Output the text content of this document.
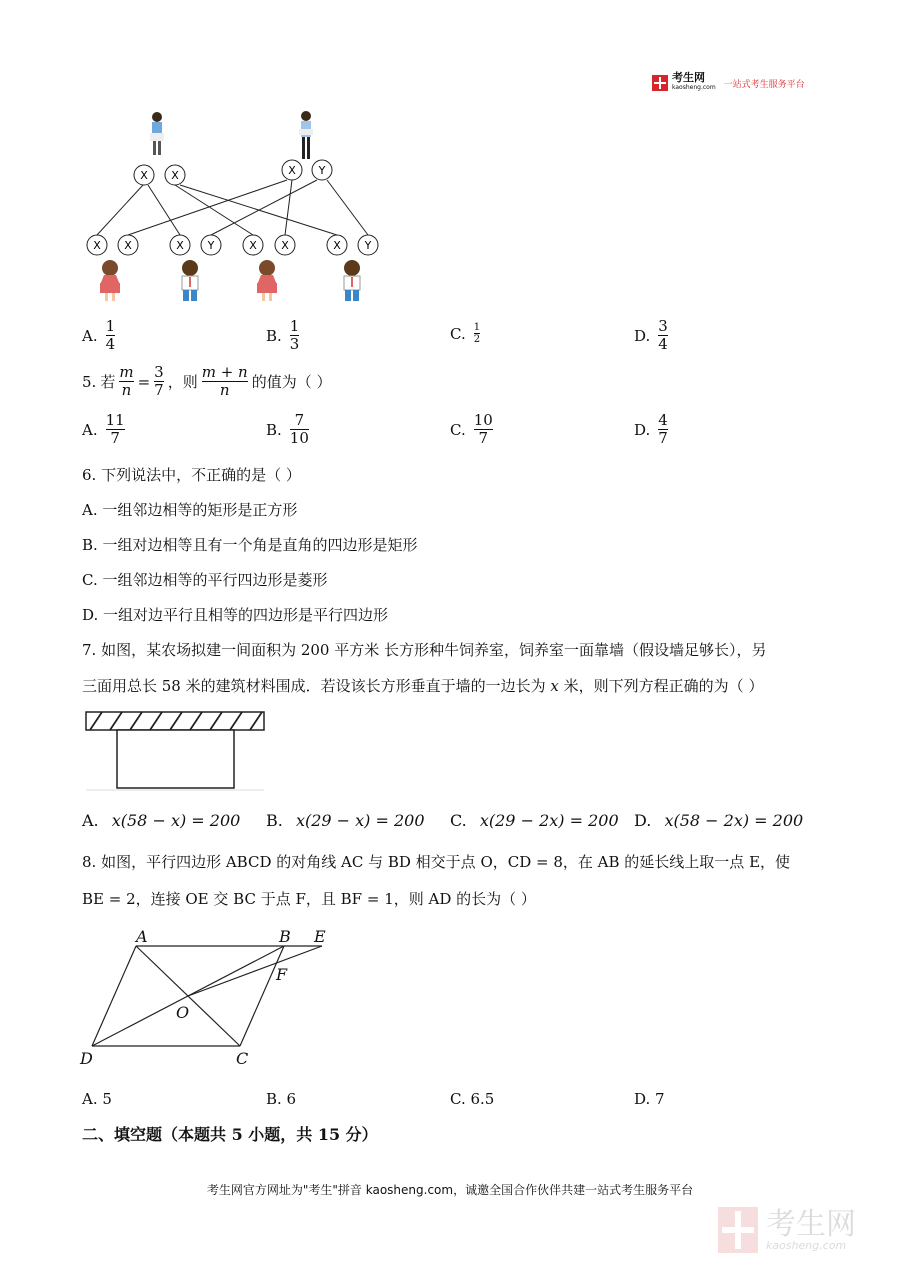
考生网
kaosheng.com 一站式考生服务平台
X X	X Y
X X	X Y	X X	X Y
A. $\frac{1}{4}$	B. $\frac{1}{3}$	C. $\frac{1}{2}$	D. $\frac{3}{4}$
5. 若 $\frac{m}{n} = \frac{3}{7}$ ，则 $\frac{m + n}{n}$ 的值为（ ）
A. $\frac{11}{7}$	B. $\frac{7}{10}$	C. $\frac{10}{7}$	D. $\frac{4}{7}$
6. 下列说法中，不正确的是（ ）
A. 一组邻边相等的矩形是正方形
B. 一组对边相等且有一个角是直角的四边形是矩形
C. 一组邻边相等的平行四边形是菱形
D. 一组对边平行且相等的四边形是平行四边形
7. 如图，某农场拟建一间面积为 200 平方米 长方形种牛饲养室，饲养室一面靠墙（假设墙足够长），另
三面用总长 58 米的建筑材料围成．若设该长方形垂直于墙的一边长为 x 米，则下列方程正确的为（ ）
A. x(58 − x) = 200 B. x(29 − x) = 200 C. x(29 − 2x) = 200 D. x(58 − 2x) = 200
8. 如图，平行四边形 ABCD 的对角线 AC 与 BD 相交于点 O，CD = 8，在 AB 的延长线上取一点 E，使
BE = 2，连接 OE 交 BC 于点 F，且 BF = 1，则 AD 的长为（ ）
A	B E
F
O
D	C
A. 5	B. 6	C. 6.5	D. 7
二、填空题（本题共 5 小题，共 15 分）
考生网官方网址为"考生"拼音 kaosheng.com，诚邀全国合作伙伴共建一站式考生服务平台
考生网
kaosheng.com
